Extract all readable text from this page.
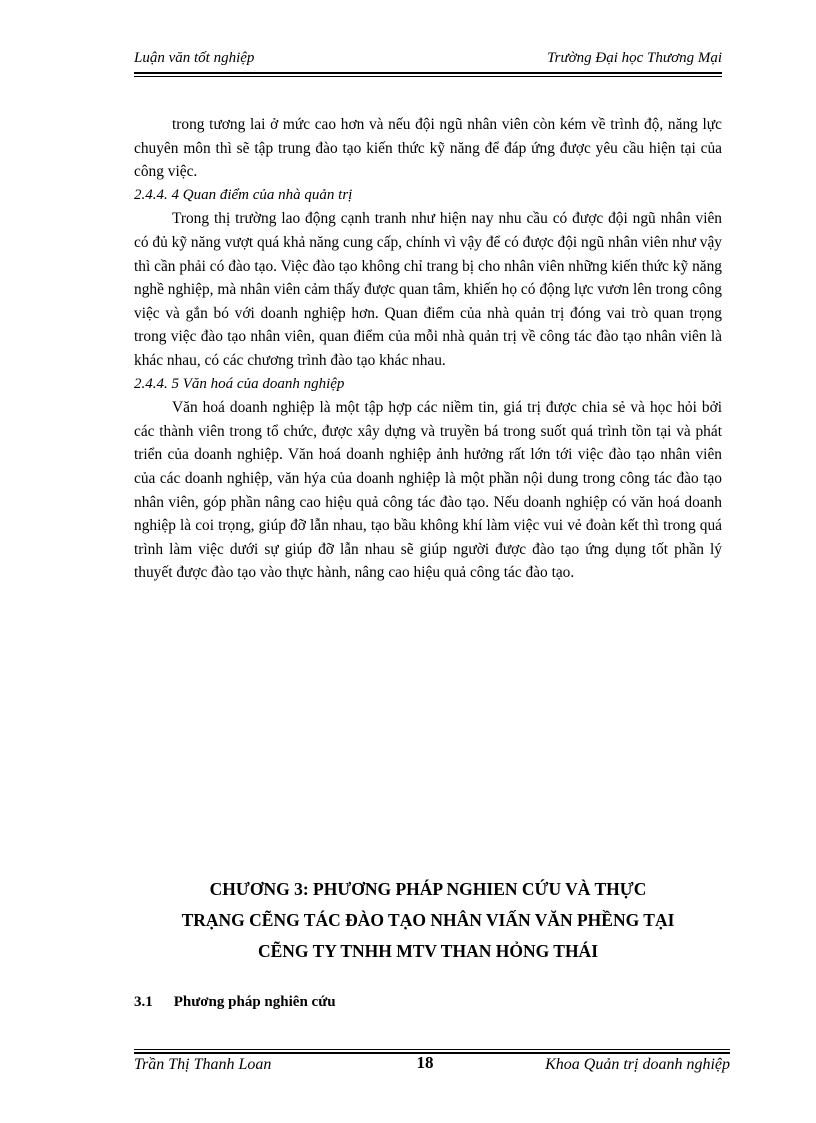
Luận văn tốt nghiệp	Trường Đại học Thương Mại

trong tương lai ở mức cao hơn và nếu đội ngũ nhân viên còn kém về trình độ, năng lực chuyên môn thì sẽ tập trung đào tạo kiến thức kỹ năng để đáp ứng được yêu cầu hiện tại của công việc.

2.4.4. 4 Quan điểm của nhà quản trị

Trong thị trường lao động cạnh tranh như hiện nay nhu cầu có được đội ngũ nhân viên có đủ kỹ năng vượt quá khả năng cung cấp, chính vì vậy để có được đội ngũ nhân viên như vậy thì cần phải có đào tạo. Việc đào tạo không chỉ trang bị cho nhân viên những kiến thức kỹ năng nghề nghiệp, mà nhân viên cảm thấy được quan tâm, khiến họ có động lực vươn lên trong công việc và gắn bó với doanh nghiệp hơn. Quan điểm của nhà quản trị đóng vai trò quan trọng trong việc đào tạo nhân viên, quan điểm của mỗi nhà quản trị về công tác đào tạo nhân viên là khác nhau, có các chương trình đào tạo khác nhau.

2.4.4. 5 Văn hoá của doanh nghiệp

Văn hoá doanh nghiệp là một tập hợp các niềm tin, giá trị được chia sẻ và học hỏi bởi các thành viên trong tổ chức, được xây dựng và truyền bá trong suốt quá trình tồn tại và phát triển của doanh nghiệp. Văn hoá doanh nghiệp ảnh hưởng rất lớn tới việc đào tạo nhân viên của các doanh nghiệp, văn hýa của doanh nghiệp là một phần nội dung trong công tác đào tạo nhân viên, góp phần nâng cao hiệu quả công tác đào tạo. Nếu doanh nghiệp có văn hoá doanh nghiệp là coi trọng, giúp đỡ lẫn nhau, tạo bầu không khí làm việc vui vẻ đoàn kết thì trong quá trình làm việc dưới sự giúp đỡ lẫn nhau sẽ giúp người được đào tạo ứng dụng tốt phần lý thuyết được đào tạo vào thực hành, nâng cao hiệu quả công tác đào tạo.

CHƯƠNG 3: PHƯƠNG PHÁP NGHIEN CỨU VÀ THỰC
TRẠNG CẼNG TÁC ĐÀO TẠO NHÂN VIẤN VĂN PHỀNG TẠI
CẼNG TY TNHH MTV THAN HỎNG THÁI
3.1 Phương pháp nghiên cứu
Trần Thị Thanh Loan	18	Khoa Quản trị doanh nghiệp
